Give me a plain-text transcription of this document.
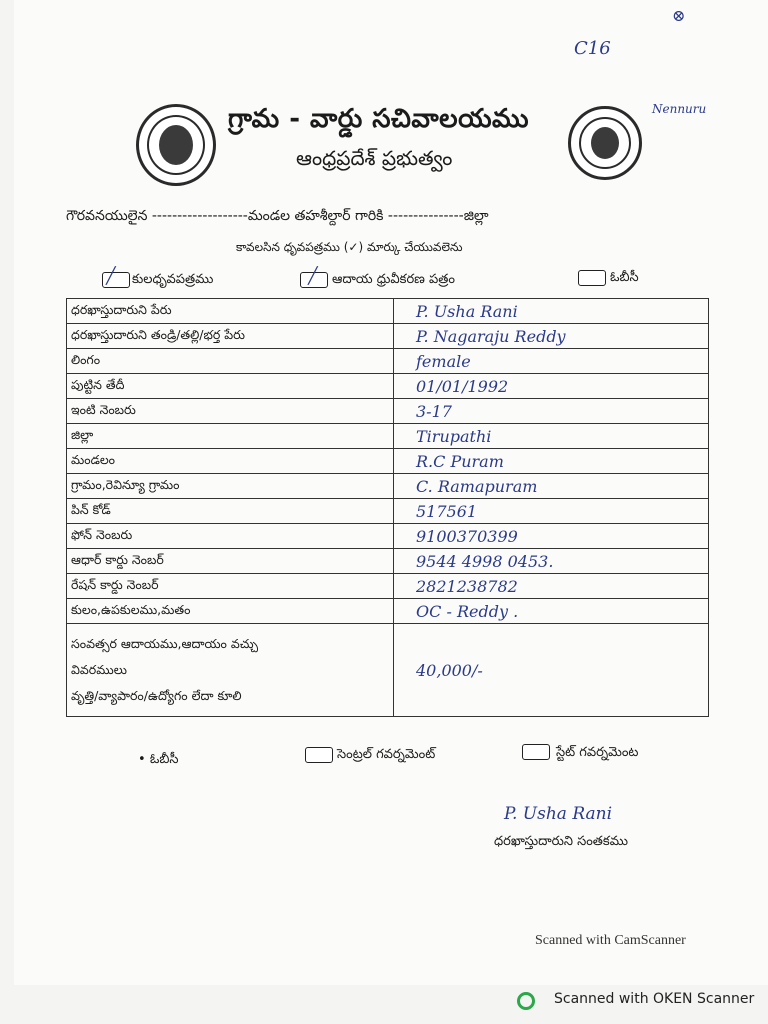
⊗
C16
Nennuru
గ్రామ - వార్డు సచివాలయము
ఆంధ్రప్రదేశ్ ప్రభుత్వం
గౌరవనయులైన -------------------మండల తహశీల్దార్ గారికి ---------------జిల్లా
కావలసిన ధృవపత్రము (✓) మార్కు చేయువలెను
╱ కులధృవపత్రము	╱ ఆదాయ ధ్రువీకరణ పత్రం	ఓబీసీ
ధరఖాస్తుదారుని పేరు	P. Usha Rani
ధరఖాస్తుదారుని తండ్రి/తల్లి/భర్త పేరు	P. Nagaraju Reddy
లింగం	female
పుట్టిన తేదీ	01/01/1992
ఇంటి నెంబరు	3-17
జిల్లా	Tirupathi
మండలం	R.C Puram
గ్రామం,రెవిన్యూ గ్రామం	C. Ramapuram
పిన్ కోడ్	517561
ఫోన్ నెంబరు	9100370399
ఆధార్ కార్డు నెంబర్	9544 4998 0453.
రేషన్ కార్డు నెంబర్	2821238782
కులం,ఉపకులము,మతం	OC - Reddy .

సంవత్సర ఆదాయము,ఆదాయం వచ్చు
వివరములు
వృత్తి/వ్యాపారం/ఉద్యోగం లేదా కూలి	40,000/-
• ఓబీసీ	సెంట్రల్ గవర్నమెంట్	స్టేట్ గవర్నమెంట
P. Usha Rani
ధరఖాస్తుదారుని సంతకము
Scanned with CamScanner
Scanned with OKEN Scanner
